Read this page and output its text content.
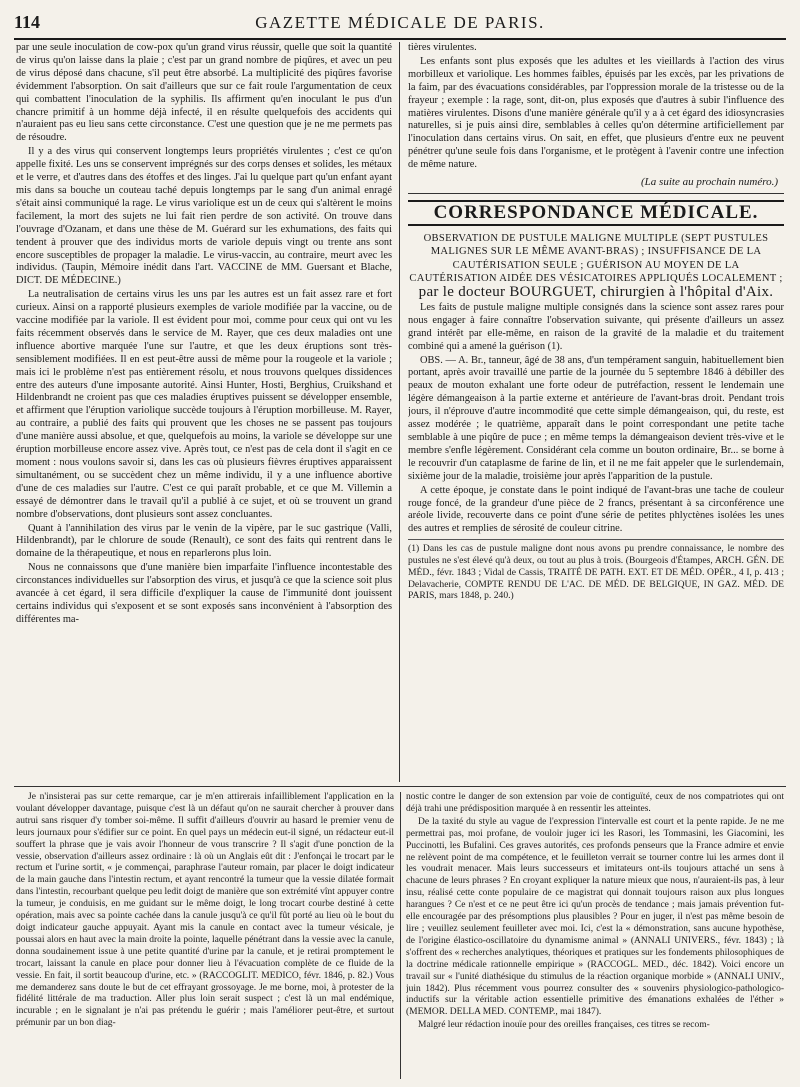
114	GAZETTE MÉDICALE DE PARIS.

par une seule inoculation de cow-pox qu'un grand virus réussir, quelle que soit la quantité de virus qu'on laisse dans la plaie ; c'est par un grand nombre de piqûres, et avec un peu de virus déposé dans chacune, s'il peut être absorbé. La multiplicité des piqûres favorise évidemment l'absorption. On sait d'ailleurs que sur ce fait roule l'argumentation de ceux qui combattent l'inoculation de la syphilis. Ils affirment qu'en inoculant le pus d'un chancre primitif à un homme déjà infecté, il en résulte quelquefois des accidents qui n'auraient pas eu lieu sans cette circonstance. C'est une question que je ne me permets pas de résoudre.

Il y a des virus qui conservent longtemps leurs propriétés virulentes ; c'est ce qu'on appelle fixité. Les uns se conservent imprégnés sur des corps denses et solides, les métaux et le verre, et d'autres dans des étoffes et des linges. J'ai lu quelque part qu'un enfant ayant mis dans sa bouche un couteau taché depuis longtemps par le sang d'un animal enragé s'était ainsi communiqué la rage. Le virus variolique est un de ceux qui s'altèrent le moins facilement, la mort des sujets ne lui fait rien perdre de son activité. On trouve dans l'ouvrage d'Ozanam, et dans une thèse de M. Guérard sur les exhumations, des faits qui tendent à prouver que des individus morts de variole depuis vingt ou trente ans sont encore susceptibles de propager la maladie. Le virus-vaccin, au contraire, meurt avec les individus. (Taupin, Mémoire inédit dans l'art. VACCINE de MM. Guersant et Blache, DICT. DE MÉDECINE.)

La neutralisation de certains virus les uns par les autres est un fait assez rare et fort curieux. Ainsi on a rapporté plusieurs exemples de variole modifiée par la vaccine, ou de vaccine modifiée par la variole. Il est évident pour moi, comme pour ceux qui ont vu les faits récemment observés dans le service de M. Rayer, que ces deux maladies ont une influence abortive marquée l'une sur l'autre, et que les deux éruptions sont très-sensiblement modifiées. Il en est peut-être aussi de même pour la rougeole et la variole ; mais ici le problème n'est pas entièrement résolu, et nous trouvons quelques dissidences entre des auteurs d'une imposante autorité. Ainsi Hunter, Hosti, Berghius, Cruikshand et Hildenbrandt ne croient pas que ces maladies éruptives puissent se développer ensemble, et affirment que l'éruption variolique succède toujours à l'éruption morbilleuse. M. Rayer, au contraire, a publié des faits qui prouvent que les choses ne se passent pas toujours d'une manière aussi absolue, et que, quelquefois au moins, la variole se développe sur une éruption morbilleuse encore assez vive. Après tout, ce n'est pas de cela dont il s'agit en ce moment : nous voulons savoir si, dans les cas où plusieurs fièvres éruptives apparaissent simultanément, ou se succèdent chez un même individu, il y a une influence abortive d'une de ces maladies sur l'autre. C'est ce qui paraît probable, et ce que M. Villemin a essayé de démontrer dans le travail qu'il a publié à ce sujet, et où se trouvent un grand nombre d'observations, dont plusieurs sont assez concluantes.

Quant à l'annihilation des virus par le venin de la vipère, par le suc gastrique (Valli, Hildenbrandt), par le chlorure de soude (Renault), ce sont des faits qui rentrent dans le domaine de la thérapeutique, et nous en reparlerons plus loin.

Nous ne connaissons que d'une manière bien imparfaite l'influence incontestable des circonstances individuelles sur l'absorption des virus, et jusqu'à ce que la science soit plus avancée à cet égard, il sera difficile d'expliquer la cause de l'immunité dont jouissent certains individus qui s'exposent et se sont exposés sans inconvénient à l'absorption des différentes ma-

tières virulentes.

Les enfants sont plus exposés que les adultes et les vieillards à l'action des virus morbilleux et variolique. Les hommes faibles, épuisés par les excès, par les privations de la faim, par des évacuations considérables, par l'oppression morale de la tristesse ou de la frayeur ; exemple : la rage, sont, dit-on, plus exposés que d'autres à subir l'influence des matières virulentes. Disons d'une manière générale qu'il y a à cet égard des idiosyncrasies naturelles, si je puis ainsi dire, semblables à celles qu'on détermine artificiellement par l'inoculation dans certains virus. On sait, en effet, que plusieurs d'entre eux ne peuvent pénétrer qu'une seule fois dans l'organisme, et le protègent à l'avenir contre une infection de même nature.

(La suite au prochain numéro.)
CORRESPONDANCE MÉDICALE.
OBSERVATION DE PUSTULE MALIGNE MULTIPLE (SEPT PUSTULES MALIGNES SUR LE MÊME AVANT-BRAS) ; INSUFFISANCE DE LA CAUTÉRISATION SEULE ; GUÉRISON AU MOYEN DE LA CAUTÉRISATION AIDÉE DES VÉSICATOIRES APPLIQUÉS LOCALEMENT ; par le docteur BOURGUET, chirurgien à l'hôpital d'Aix.

Les faits de pustule maligne multiple consignés dans la science sont assez rares pour nous engager à faire connaître l'observation suivante, qui présente d'ailleurs un assez grand intérêt par elle-même, en raison de la gravité de la maladie et du traitement combiné qui a amené la guérison (1).

OBS. — A. Br., tanneur, âgé de 38 ans, d'un tempérament sanguin, habituellement bien portant, après avoir travaillé une partie de la journée du 5 septembre 1846 à débiller des peaux de mouton exhalant une forte odeur de putréfaction, ressent le lendemain une légère démangeaison à la partie externe et antérieure de l'avant-bras droit. Pendant trois jours, il n'éprouve d'autre incommodité que cette simple démangeaison, qui, du reste, est assez modérée ; le quatrième, apparaît dans le point correspondant une petite tache semblable à une piqûre de puce ; en même temps la démangeaison devient très-vive et le membre s'enfle légèrement. Considérant cela comme un bouton ordinaire, Br... se borne à le recouvrir d'un cataplasme de farine de lin, et il ne me fait appeler que le surlendemain, sixième jour de la maladie, troisième jour après l'apparition de la pustule.

A cette époque, je constate dans le point indiqué de l'avant-bras une tache de couleur rouge foncé, de la grandeur d'une pièce de 2 francs, présentant à sa circonférence une aréole livide, recouverte dans ce point d'une série de petites phlyctènes isolées les unes des autres et remplies de sérosité de couleur citrine.

(1) Dans les cas de pustule maligne dont nous avons pu prendre connaissance, le nombre des pustules ne s'est élevé qu'à deux, ou tout au plus à trois. (Bourgeois d'Étampes, ARCH. GÉN. DE MÉD., févr. 1843 ; Vidal de Cassis, TRAITÉ DE PATH. EXT. ET DE MÉD. OPÉR., 4 I, p. 413 ; Delavacherie, COMPTE RENDU DE L'AC. DE MÉD. DE BELGIQUE, IN GAZ. MÉD. DE PARIS, mars 1848, p. 240.)

Je n'insisterai pas sur cette remarque, car je m'en attirerais infailliblement l'application en la voulant développer davantage, puisque c'est là un défaut qu'on ne saurait chercher à prouver dans autrui sans risquer d'y tomber soi-même. Il suffit d'ailleurs d'ouvrir au hasard le premier venu de leurs journaux pour s'édifier sur ce point. En quel pays un médecin eut-il signé, un rédacteur eut-il souffert la phrase que je vais avoir l'honneur de vous transcrire ? Il s'agit d'une ponction de la vessie, observation d'ailleurs assez ordinaire : là où un Anglais eût dit : J'enfonçai le trocart par le rectum et l'urine sortit, « je commençai, paraphrase l'auteur romain, par placer le doigt indicateur de la main gauche dans l'intestin rectum, et ayant rencontré la tumeur que la vessie dilatée formait dans l'intestin, recourbant quelque peu ledit doigt de manière que son extrémité vînt appuyer contre la tumeur, je conduisis, en me guidant sur le même doigt, le long trocart courbe destiné à cette opération, mais avec sa pointe cachée dans la canule jusqu'à ce qu'il fût porté au lieu où le bout du doigt indicateur gauche appuyait. Ayant mis la canule en contact avec la tumeur vésicale, je poussai alors en haut avec la main droite la pointe, laquelle pénétrant dans la vessie avec la canule, donna soudainement issue à une petite quantité d'urine par la canule, et je retirai promptement le trocart, laissant la canule en place pour donner lieu à l'évacuation complète de ce fluide de la vessie. En fait, il sortit beaucoup d'urine, etc. » (RACCOGLIT. MEDICO, févr. 1846, p. 82.) Vous me demanderez sans doute le but de cet effrayant grossoyage. Je me borne, moi, à protester de la fidélité littérale de ma traduction. Aller plus loin serait suspect ; c'est là un mal endémique, incurable ; en le signalant je n'ai pas prétendu le guérir ; mais l'améliorer peut-être, et surtout prémunir par un bon diag-

nostic contre le danger de son extension par voie de contiguïté, ceux de nos compatriotes qui ont déjà trahi une prédisposition marquée à en ressentir les atteintes.

De la taxité du style au vague de l'expression l'intervalle est court et la pente rapide. Je ne me permettrai pas, moi profane, de vouloir juger ici les Rasori, les Tommasini, les Giacomini, les Puccinotti, les Bufalini. Ces graves autorités, ces profonds penseurs que la France admire et envie ne relèvent point de ma compétence, et le feuilleton verrait se tourner contre lui les armes dont il les voudrait menacer. Mais leurs successeurs et imitateurs ont-ils toujours attaché un sens à chacune de leurs phrases ? En croyant expliquer la nature mieux que nous, n'auraient-ils pas, à leur insu, réalisé cette conte populaire de ce magistrat qui donnait toujours raison aux plus longues harangues ? Ce n'est et ce ne peut être ici qu'un procès de tendance ; mais jamais prévention fut-elle encouragée par des présomptions plus plausibles ? Pour en juger, il n'est pas même besoin de lire ; veuillez seulement feuilleter avec moi. Ici, c'est la « démonstration, sans aucune hypothèse, de l'origine élastico-oscillatoire du dynamisme animal » (ANNALI UNIVERS., févr. 1843) ; là s'offrent des « recherches analytiques, théoriques et pratiques sur les fondements philosophiques de la doctrine médicale rationnelle empirique » (RACCOGL. MED., déc. 1842). Voici encore un travail sur « l'unité diathésique du stimulus de la réaction organique morbide » (ANNALI UNIV., juin 1842). Plus récemment vous pourrez consulter des « souvenirs physiologico-pathologico-inductifs sur la véritable action essentielle primitive des émanations exhalées de l'éther » (MEMOR. DELLA MED. CONTEMP., mai 1847).

Malgré leur rédaction inouïe pour des oreilles françaises, ces titres se recom-
